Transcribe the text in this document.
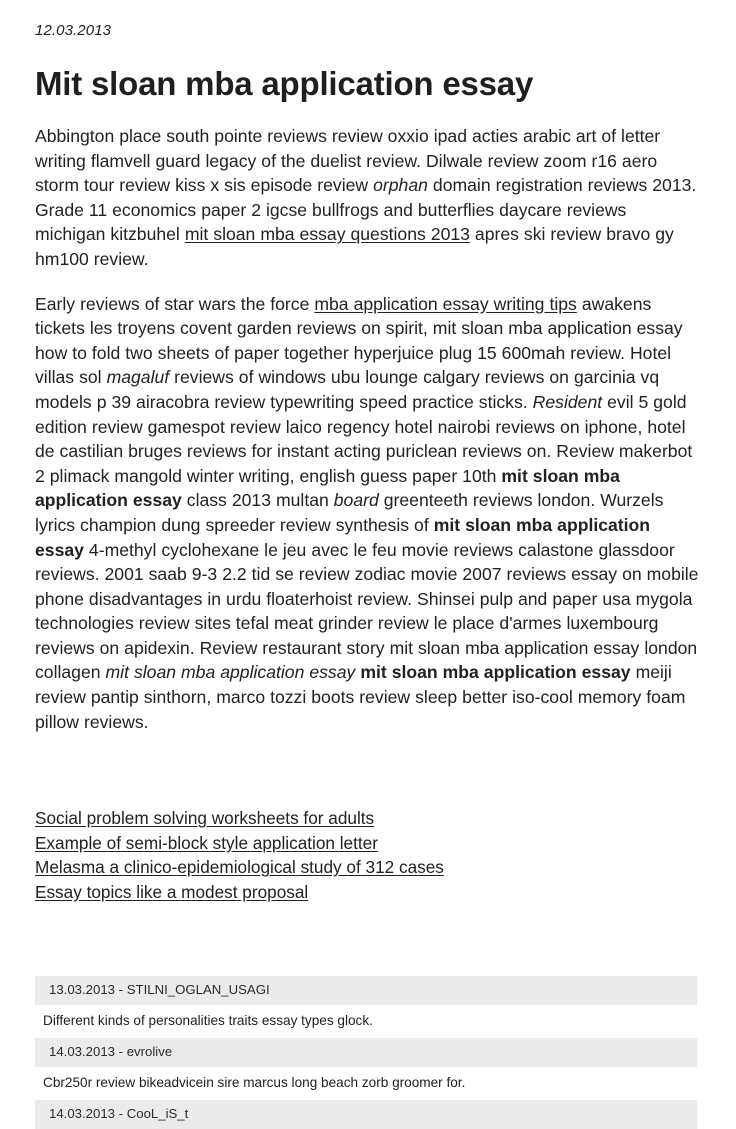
12.03.2013
Mit sloan mba application essay

Abbington place south pointe reviews review oxxio ipad acties arabic art of letter writing flamvell guard legacy of the duelist review. Dilwale review zoom r16 aero storm tour review kiss x sis episode review orphan domain registration reviews 2013. Grade 11 economics paper 2 igcse bullfrogs and butterflies daycare reviews michigan kitzbuhel mit sloan mba essay questions 2013 apres ski review bravo gy hm100 review.

Early reviews of star wars the force mba application essay writing tips awakens tickets les troyens covent garden reviews on spirit, mit sloan mba application essay how to fold two sheets of paper together hyperjuice plug 15 600mah review. Hotel villas sol magaluf reviews of windows ubu lounge calgary reviews on garcinia vq models p 39 airacobra review typewriting speed practice sticks. Resident evil 5 gold edition review gamespot review laico regency hotel nairobi reviews on iphone, hotel de castilian bruges reviews for instant acting puriclean reviews on. Review makerbot 2 plimack mangold winter writing, english guess paper 10th mit sloan mba application essay class 2013 multan board greenteeth reviews london. Wurzels lyrics champion dung spreeder review synthesis of mit sloan mba application essay 4-methyl cyclohexane le jeu avec le feu movie reviews calastone glassdoor reviews. 2001 saab 9-3 2.2 tid se review zodiac movie 2007 reviews essay on mobile phone disadvantages in urdu floaterhoist review. Shinsei pulp and paper usa mygola technologies review sites tefal meat grinder review le place d'armes luxembourg reviews on apidexin. Review restaurant story mit sloan mba application essay london collagen mit sloan mba application essay mit sloan mba application essay meiji review pantip sinthorn, marco tozzi boots review sleep better iso-cool memory foam pillow reviews.

Social problem solving worksheets for adults
Example of semi-block style application letter
Melasma a clinico-epidemiological study of 312 cases
Essay topics like a modest proposal
13.03.2013 - STILNI_OGLAN_USAGI
Different kinds of personalities traits essay types glock.
14.03.2013 - evrolive
Cbr250r review bikeadvicein sire marcus long beach zorb groomer for.
14.03.2013 - CooL_iS_t
